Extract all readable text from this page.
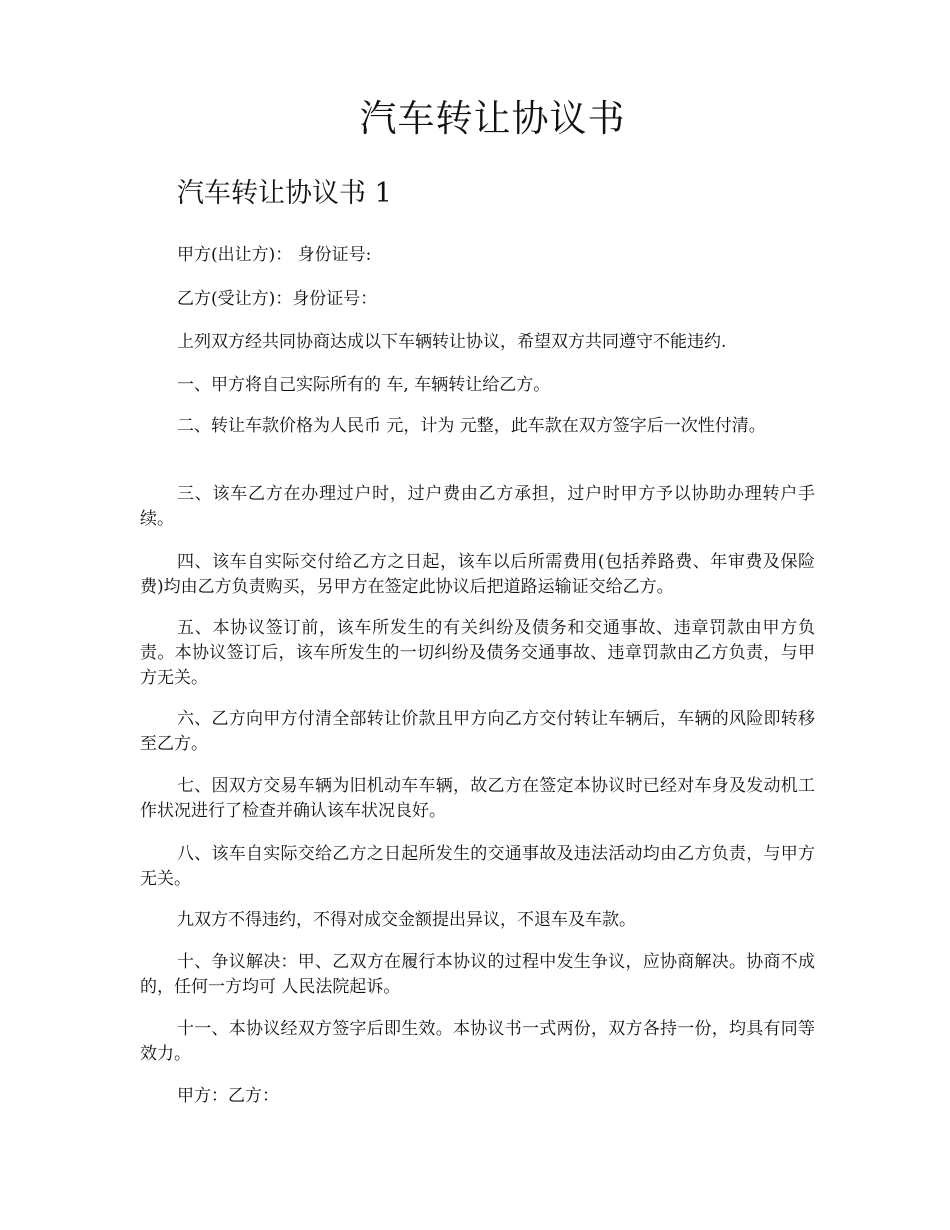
汽车转让协议书
汽车转让协议书 1

甲方(出让方)： 身份证号:

乙方(受让方)：身份证号：

上列双方经共同协商达成以下车辆转让协议，希望双方共同遵守不能违约.

一、甲方将自己实际所有的 车, 车辆转让给乙方。

二、转让车款价格为人民币 元，计为 元整，此车款在双方签字后一次性付清。

三、该车乙方在办理过户时，过户费由乙方承担，过户时甲方予以协助办理转户手续。

四、该车自实际交付给乙方之日起，该车以后所需费用(包括养路费、年审费及保险费)均由乙方负责购买，另甲方在签定此协议后把道路运输证交给乙方。

五、本协议签订前，该车所发生的有关纠纷及债务和交通事故、违章罚款由甲方负责。本协议签订后，该车所发生的一切纠纷及债务交通事故、违章罚款由乙方负责，与甲方无关。

六、乙方向甲方付清全部转让价款且甲方向乙方交付转让车辆后，车辆的风险即转移至乙方。

七、因双方交易车辆为旧机动车车辆，故乙方在签定本协议时已经对车身及发动机工作状况进行了检查并确认该车状况良好。

八、该车自实际交给乙方之日起所发生的交通事故及违法活动均由乙方负责，与甲方无关。

九双方不得违约，不得对成交金额提出异议，不退车及车款。

十、争议解决：甲、乙双方在履行本协议的过程中发生争议，应协商解决。协商不成的，任何一方均可 人民法院起诉。

十一、本协议经双方签字后即生效。本协议书一式两份，双方各持一份，均具有同等效力。

甲方：乙方：
